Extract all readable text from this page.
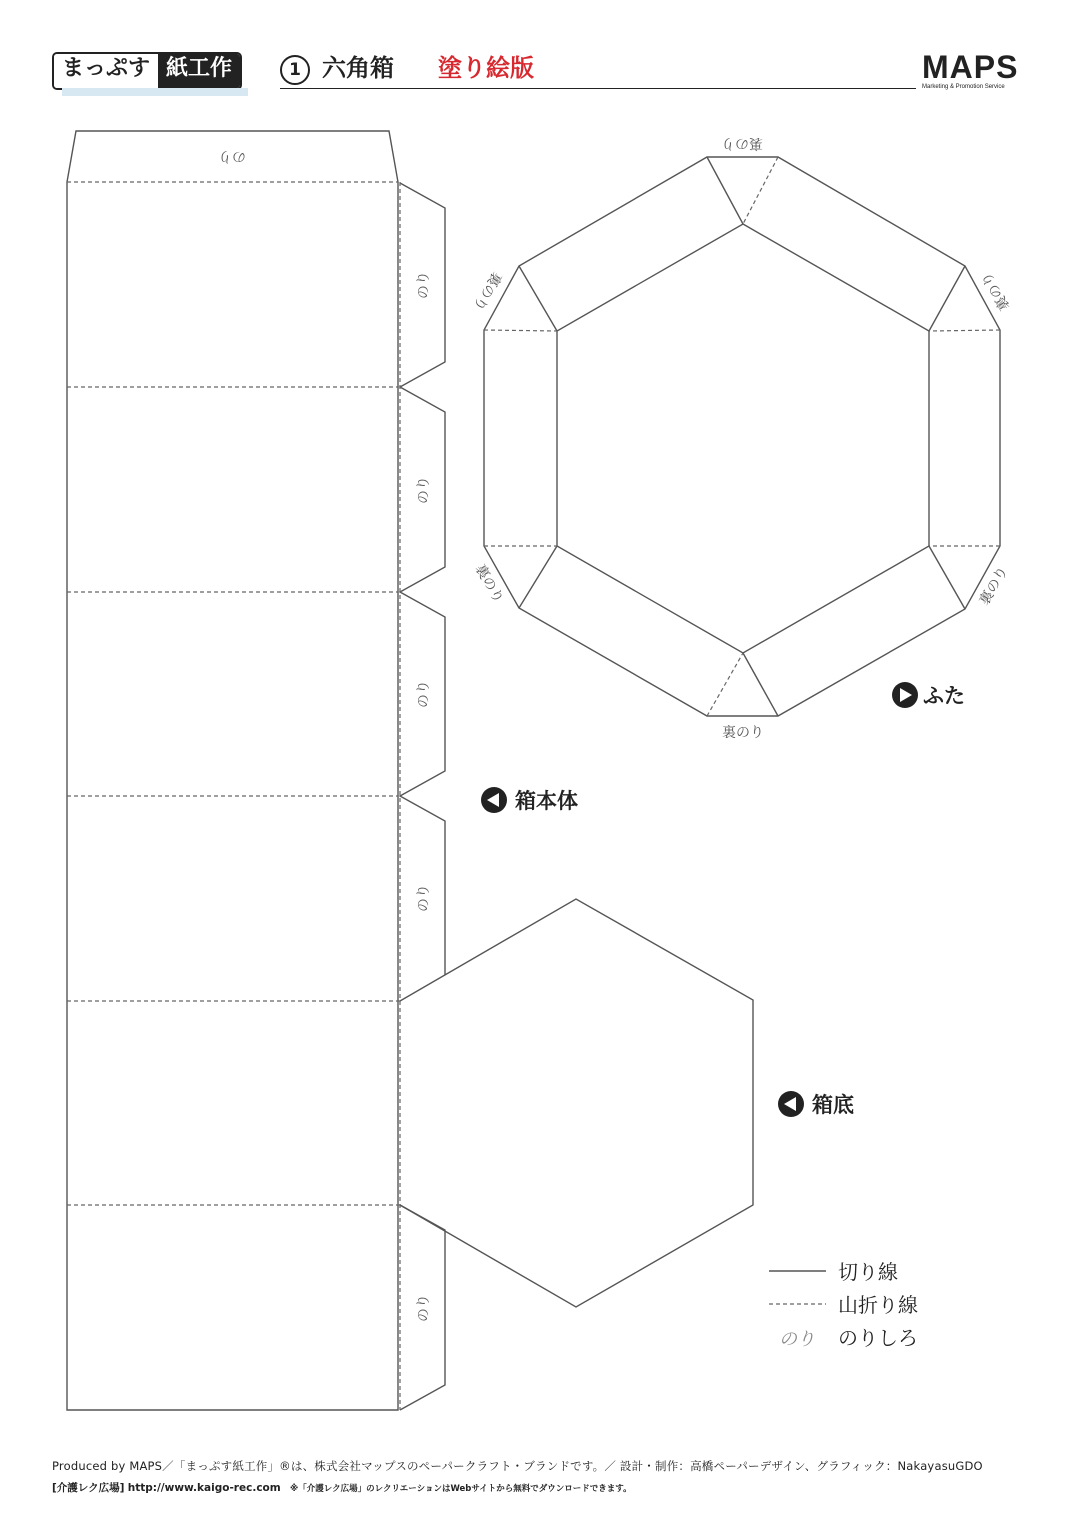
まっぷす 紙工作	1 六角箱 塗り絵版	MAPS
Marketing & Promotion Service
のり
のり
のり
のり
のり
のり
裏のり
裏のり
裏のり
裏のり
裏のり
裏のり
ふた
箱本体
箱底
切り線
山折り線
のり のりしろ
Produced by MAPS／「まっぷす紙工作」®は、株式会社マップスのペーパークラフト・ブランドです。／ 設計・制作：高橋ペーパーデザイン、グラフィック：NakayasuGDO
[介護レク広場] http://www.kaigo-rec.com ※「介護レク広場」のレクリエーションはWebサイトから無料でダウンロードできます。
